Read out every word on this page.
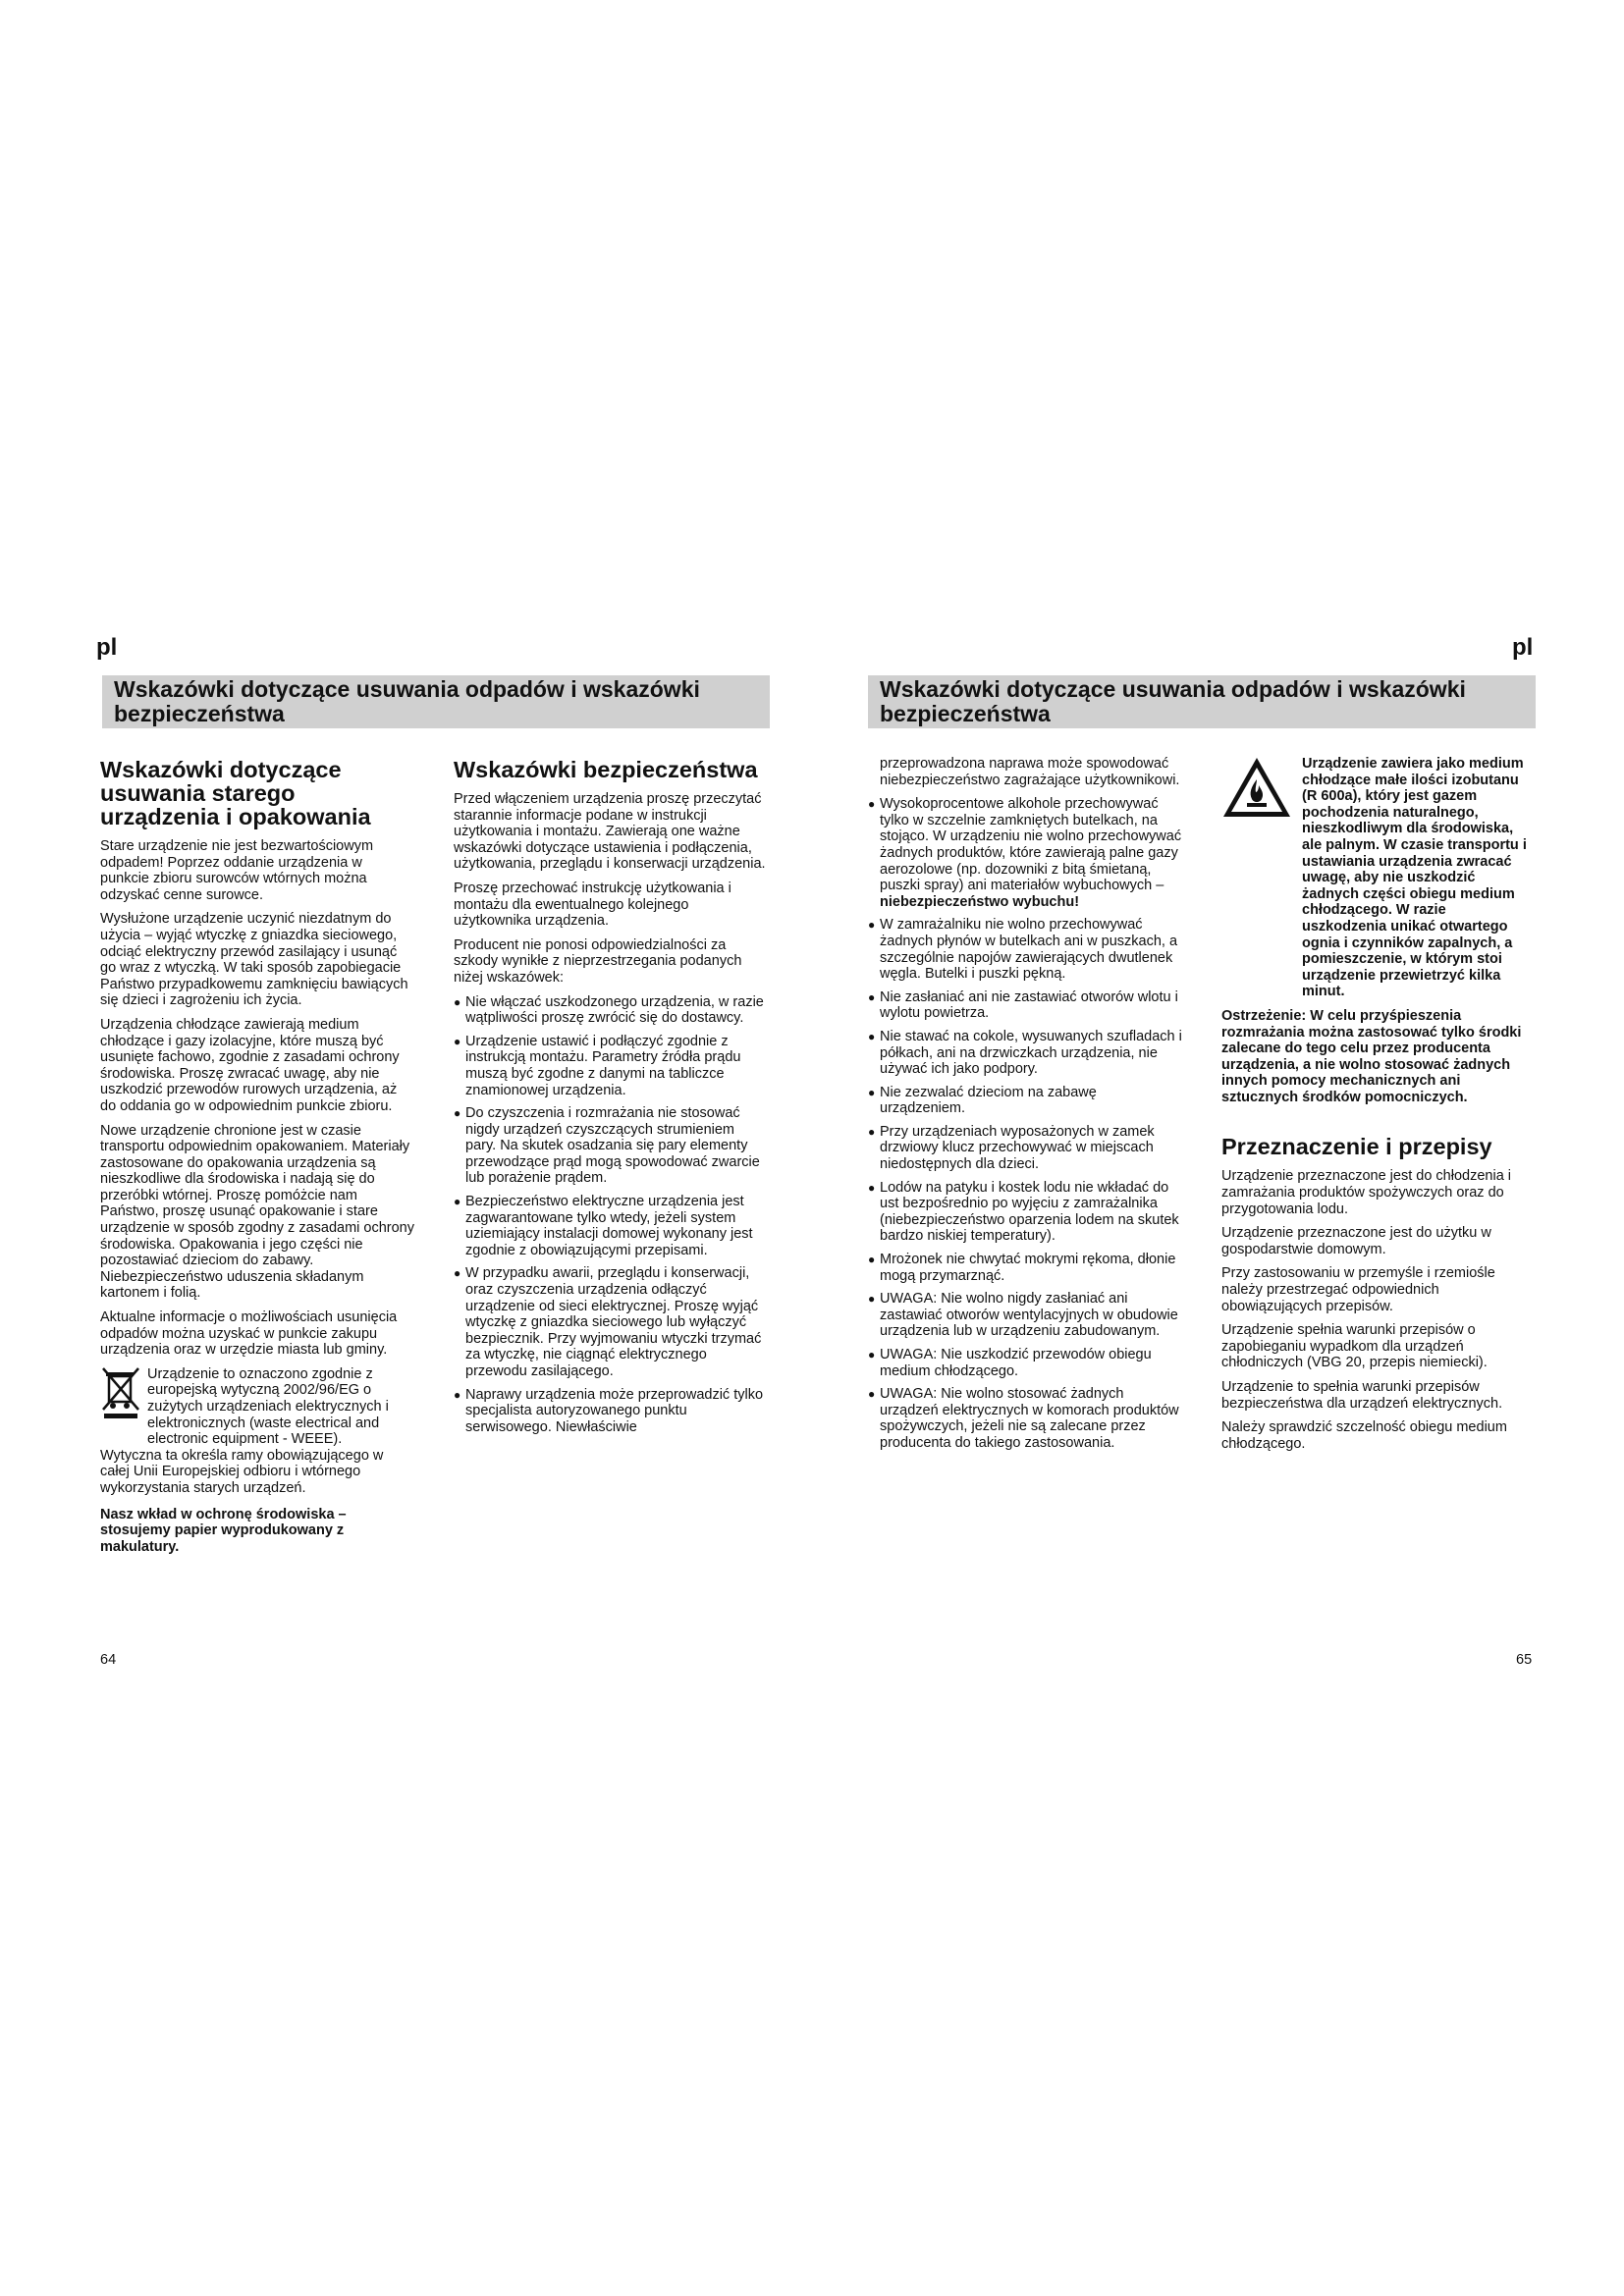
pl
Wskazówki dotyczące usuwania odpadów i wskazówki bezpieczeństwa
Wskazówki dotyczące usuwania starego urządzenia i opakowania

Stare urządzenie nie jest bezwartościowym odpadem! Poprzez oddanie urządzenia w punkcie zbioru surowców wtórnych można odzyskać cenne surowce.

Wysłużone urządzenie uczynić niezdatnym do użycia – wyjąć wtyczkę z gniazdka sieciowego, odciąć elektryczny przewód zasilający i usunąć go wraz z wtyczką. W taki sposób zapobiegacie Państwo przypadkowemu zamknięciu bawiących się dzieci i zagrożeniu ich życia.

Urządzenia chłodzące zawierają medium chłodzące i gazy izolacyjne, które muszą być usunięte fachowo, zgodnie z zasadami ochrony środowiska. Proszę zwracać uwagę, aby nie uszkodzić przewodów rurowych urządzenia, aż do oddania go w odpowiednim punkcie zbioru.

Nowe urządzenie chronione jest w czasie transportu odpowiednim opakowaniem. Materiały zastosowane do opakowania urządzenia są nieszkodliwe dla środowiska i nadają się do przeróbki wtórnej. Proszę pomóżcie nam Państwo, proszę usunąć opakowanie i stare urządzenie w sposób zgodny z zasadami ochrony środowiska. Opakowania i jego części nie pozostawiać dzieciom do zabawy. Niebezpieczeństwo uduszenia składanym kartonem i folią.

Aktualne informacje o możliwościach usunięcia odpadów można uzyskać w punkcie zakupu urządzenia oraz w urzędzie miasta lub gminy.

Urządzenie to oznaczono zgodnie z europejską wytyczną 2002/96/EG o zużytych urządzeniach elektrycznych i elektronicznych (waste electrical and electronic equipment - WEEE).

Wytyczna ta określa ramy obowiązującego w całej Unii Europejskiej odbioru i wtórnego wykorzystania starych urządzeń.

Nasz wkład w ochronę środowiska – stosujemy papier wyprodukowany z makulatury.

Wskazówki bezpieczeństwa

Przed włączeniem urządzenia proszę przeczytać starannie informacje podane w instrukcji użytkowania i montażu. Zawierają one ważne wskazówki dotyczące ustawienia i podłączenia, użytkowania, przeglądu i konserwacji urządzenia.

Proszę przechować instrukcję użytkowania i montażu dla ewentualnego kolejnego użytkownika urządzenia.

Producent nie ponosi odpowiedzialności za szkody wynikłe z nieprzestrzegania podanych niżej wskazówek:

● Nie włączać uszkodzonego urządzenia, w razie wątpliwości proszę zwrócić się do dostawcy.
● Urządzenie ustawić i podłączyć zgodnie z instrukcją montażu. Parametry źródła prądu muszą być zgodne z danymi na tabliczce znamionowej urządzenia.
● Do czyszczenia i rozmrażania nie stosować nigdy urządzeń czyszczących strumieniem pary. Na skutek osadzania się pary elementy przewodzące prąd mogą spowodować zwarcie lub porażenie prądem.
● Bezpieczeństwo elektryczne urządzenia jest zagwarantowane tylko wtedy, jeżeli system uziemiający instalacji domowej wykonany jest zgodnie z obowiązującymi przepisami.
● W przypadku awarii, przeglądu i konserwacji, oraz czyszczenia urządzenia odłączyć urządzenie od sieci elektrycznej. Proszę wyjąć wtyczkę z gniazdka sieciowego lub wyłączyć bezpiecznik. Przy wyjmowaniu wtyczki trzymać za wtyczkę, nie ciągnąć elektrycznego przewodu zasilającego.
● Naprawy urządzenia może przeprowadzić tylko specjalista autoryzowanego punktu serwisowego. Niewłaściwie
64
pl
Wskazówki dotyczące usuwania odpadów i wskazówki bezpieczeństwa

przeprowadzona naprawa może spowodować niebezpieczeństwo zagrażające użytkownikowi.

● Wysokoprocentowe alkohole przechowywać tylko w szczelnie zamkniętych butelkach, na stojąco. W urządzeniu nie wolno przechowywać żadnych produktów, które zawierają palne gazy aerozolowe (np. dozowniki z bitą śmietaną, puszki spray) ani materiałów wybuchowych – niebezpieczeństwo wybuchu!
● W zamrażalniku nie wolno przechowywać żadnych płynów w butelkach ani w puszkach, a szczególnie napojów zawierających dwutlenek węgla. Butelki i puszki pękną.
● Nie zasłaniać ani nie zastawiać otworów wlotu i wylotu powietrza.
● Nie stawać na cokole, wysuwanych szufladach i półkach, ani na drzwiczkach urządzenia, nie używać ich jako podpory.
● Nie zezwalać dzieciom na zabawę urządzeniem.
● Przy urządzeniach wyposażonych w zamek drzwiowy klucz przechowywać w miejscach niedostępnych dla dzieci.
● Lodów na patyku i kostek lodu nie wkładać do ust bezpośrednio po wyjęciu z zamrażalnika (niebezpieczeństwo oparzenia lodem na skutek bardzo niskiej temperatury).
● Mrożonek nie chwytać mokrymi rękoma, dłonie mogą przymarznąć.
● UWAGA: Nie wolno nigdy zasłaniać ani zastawiać otworów wentylacyjnych w obudowie urządzenia lub w urządzeniu zabudowanym.
● UWAGA: Nie uszkodzić przewodów obiegu medium chłodzącego.
● UWAGA: Nie wolno stosować żadnych urządzeń elektrycznych w komorach produktów spożywczych, jeżeli nie są zalecane przez producenta do takiego zastosowania.

Urządzenie zawiera jako medium chłodzące małe ilości izobutanu (R 600a), który jest gazem pochodzenia naturalnego, nieszkodliwym dla środowiska, ale palnym. W czasie transportu i ustawiania urządzenia zwracać uwagę, aby nie uszkodzić żadnych części obiegu medium chłodzącego. W razie uszkodzenia unikać otwartego ognia i czynników zapalnych, a pomieszczenie, w którym stoi urządzenie przewietrzyć kilka minut.

Ostrzeżenie: W celu przyśpieszenia rozmrażania można zastosować tylko środki zalecane do tego celu przez producenta urządzenia, a nie wolno stosować żadnych innych pomocy mechanicznych ani sztucznych środków pomocniczych.

Przeznaczenie i przepisy

Urządzenie przeznaczone jest do chłodzenia i zamrażania produktów spożywczych oraz do przygotowania lodu.

Urządzenie przeznaczone jest do użytku w gospodarstwie domowym.

Przy zastosowaniu w przemyśle i rzemiośle należy przestrzegać odpowiednich obowiązujących przepisów.

Urządzenie spełnia warunki przepisów o zapobieganiu wypadkom dla urządzeń chłodniczych (VBG 20, przepis niemiecki).

Urządzenie to spełnia warunki przepisów bezpieczeństwa dla urządzeń elektrycznych.

Należy sprawdzić szczelność obiegu medium chłodzącego.

65
